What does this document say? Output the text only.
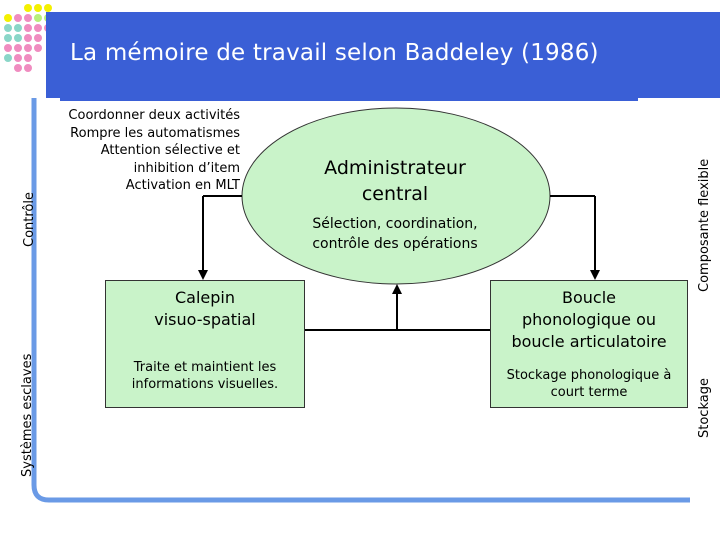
La mémoire de travail selon Baddeley (1986)
Coordonner deux activités
Rompre les automatismes
Attention sélective et
inhibition d’item
Activation en MLT
Administrateur
central
Sélection, coordination,
contrôle des opérations
Calepin
visuo-spatial
Traite et maintient les
informations visuelles.
Boucle
phonologique ou
boucle articulatoire
Stockage phonologique à
court terme
Contrôle
Systèmes esclaves
Composante flexible
Stockage
